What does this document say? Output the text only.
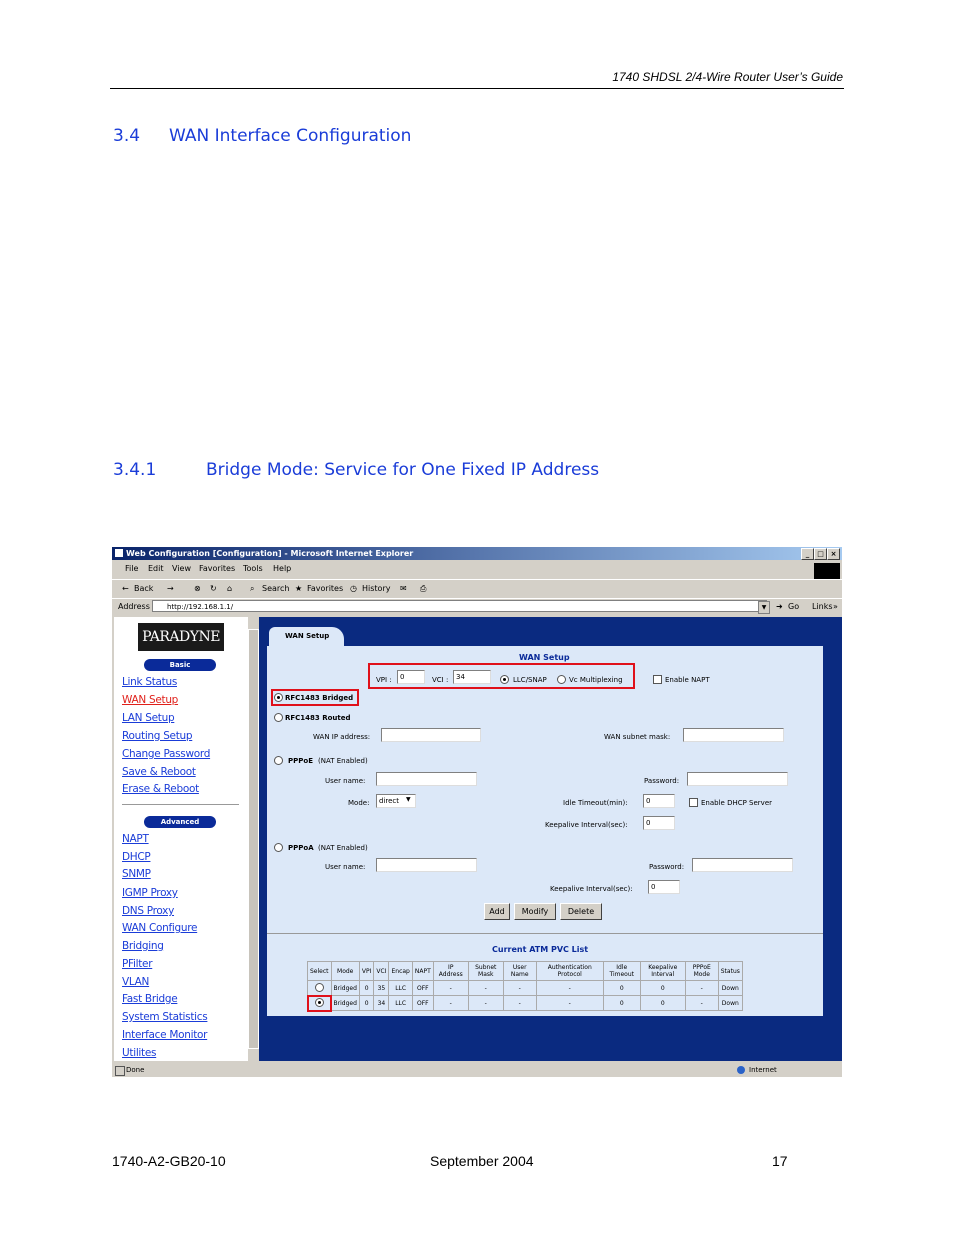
1740 SHDSL 2/4-Wire Router User’s Guide
3.4 WAN Interface Configuration
3.4.1	Bridge Mode: Service for One Fixed IP Address
Web Configuration [Configuration] - Microsoft Internet Explorer	_	□ ×
File Edit View Favorites Tools Help
← Back →	⊗ ↻ ⌂ ⌕ Search ★ Favorites ◷ History ✉ ⎙
Address	http://192.168.1.1/	▼	➜ Go Links »
PARADYNE
Basic
Link Status
WAN Setup
LAN Setup
Routing Setup
Change Password
Save & Reboot
Erase & Reboot
Advanced
NAPT
DHCP
SNMP
IGMP Proxy
DNS Proxy
WAN Configure
Bridging
PFilter
VLAN
Fast Bridge
System Statistics
Interface Monitor
Utilites
WAN Setup
WAN Setup
VPI :	0	VCI :	34	LLC/SNAP	Vc Multiplexing	Enable NAPT
RFC1483 Bridged
RFC1483 Routed
WAN IP address:	WAN subnet mask:
PPPoE (NAT Enabled)
User name:	Password:
Mode:	direct	▼	Idle Timeout(min):	0	Enable DHCP Server
Keepalive Interval(sec):	0
PPPoA (NAT Enabled)
User name:	Password:
Keepalive Interval(sec):	0
Add	Modify	Delete
Current ATM PVC List
Select	Mode	VPI	VCI	Encap	NAPT	IP Address	Subnet Mask	User Name	Authentication Protocol	Idle Timeout	Keepalive Interval	PPPoE Mode	Status
	Bridged	0	35	LLC	OFF	-	-	-	-	0	0	-	Down
	Bridged	0	34	LLC	OFF	-	-	-	-	0	0	-	Down
Done	Internet
1740-A2-GB20-10	September 2004	17
